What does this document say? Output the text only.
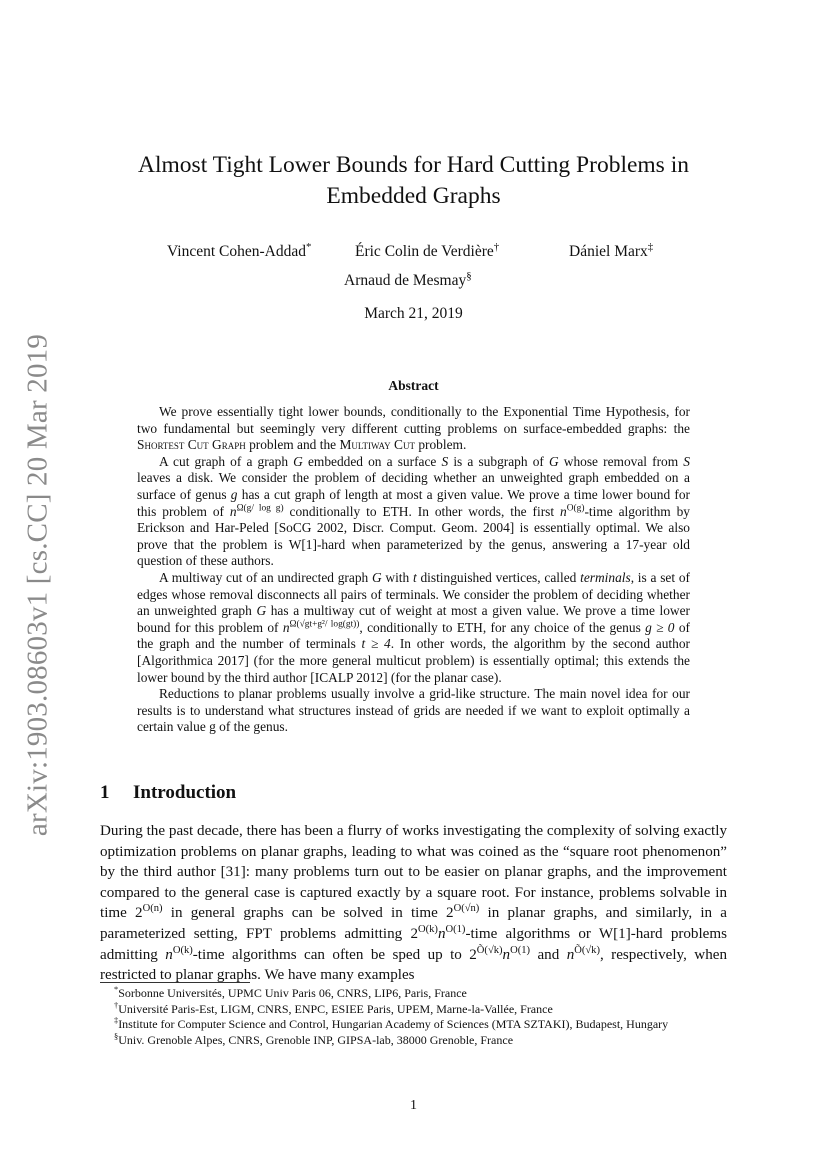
arXiv:1903.08603v1 [cs.CC] 20 Mar 2019
Almost Tight Lower Bounds for Hard Cutting Problems in Embedded Graphs
Vincent Cohen-Addad*	Éric Colin de Verdière†	Dániel Marx‡
Arnaud de Mesmay§
March 21, 2019
Abstract

We prove essentially tight lower bounds, conditionally to the Exponential Time Hypothesis, for two fundamental but seemingly very different cutting problems on surface-embedded graphs: the Shortest Cut Graph problem and the Multiway Cut problem.

A cut graph of a graph G embedded on a surface S is a subgraph of G whose removal from S leaves a disk. We consider the problem of deciding whether an unweighted graph embedded on a surface of genus g has a cut graph of length at most a given value. We prove a time lower bound for this problem of $n^{\Omega(g/ log g)}$ conditionally to ETH. In other words, the first $n^{O(g)}$-time algorithm by Erickson and Har-Peled [SoCG 2002, Discr. Comput. Geom. 2004] is essentially optimal. We also prove that the problem is W[1]-hard when parameterized by the genus, answering a 17-year old question of these authors.

A multiway cut of an undirected graph G with t distinguished vertices, called terminals, is a set of edges whose removal disconnects all pairs of terminals. We consider the problem of deciding whether an unweighted graph G has a multiway cut of weight at most a given value. We prove a time lower bound for this problem of $n^{\Omega(√gt+g^2/ log(gt))}$, conditionally to ETH, for any choice of the genus g ≥ 0 of the graph and the number of terminals t ≥ 4. In other words, the algorithm by the second author [Algorithmica 2017] (for the more general multicut problem) is essentially optimal; this extends the lower bound by the third author [ICALP 2012] (for the planar case).

Reductions to planar problems usually involve a grid-like structure. The main novel idea for our results is to understand what structures instead of grids are needed if we want to exploit optimally a certain value g of the genus.

1 Introduction

During the past decade, there has been a flurry of works investigating the complexity of solving exactly optimization problems on planar graphs, leading to what was coined as the “square root phenomenon” by the third author [31]: many problems turn out to be easier on planar graphs, and the improvement compared to the general case is captured exactly by a square root. For instance, problems solvable in time $2^{O(n)}$ in general graphs can be solved in time $2^{O(√n)}$ in planar graphs, and similarly, in a parameterized setting, FPT problems admitting $2^{O(k)}n^{O(1)}$-time algorithms or W[1]-hard problems admitting $n^{O(k)}$-time algorithms can often be sped up to $2^{Õ(√k)}n^{O(1)}$ and $n^{Õ(√k)}$, respectively, when restricted to planar graphs. We have many examples

*Sorbonne Universités, UPMC Univ Paris 06, CNRS, LIP6, Paris, France
†Université Paris-Est, LIGM, CNRS, ENPC, ESIEE Paris, UPEM, Marne-la-Vallée, France
‡Institute for Computer Science and Control, Hungarian Academy of Sciences (MTA SZTAKI), Budapest, Hungary
§Univ. Grenoble Alpes, CNRS, Grenoble INP, GIPSA-lab, 38000 Grenoble, France
1
